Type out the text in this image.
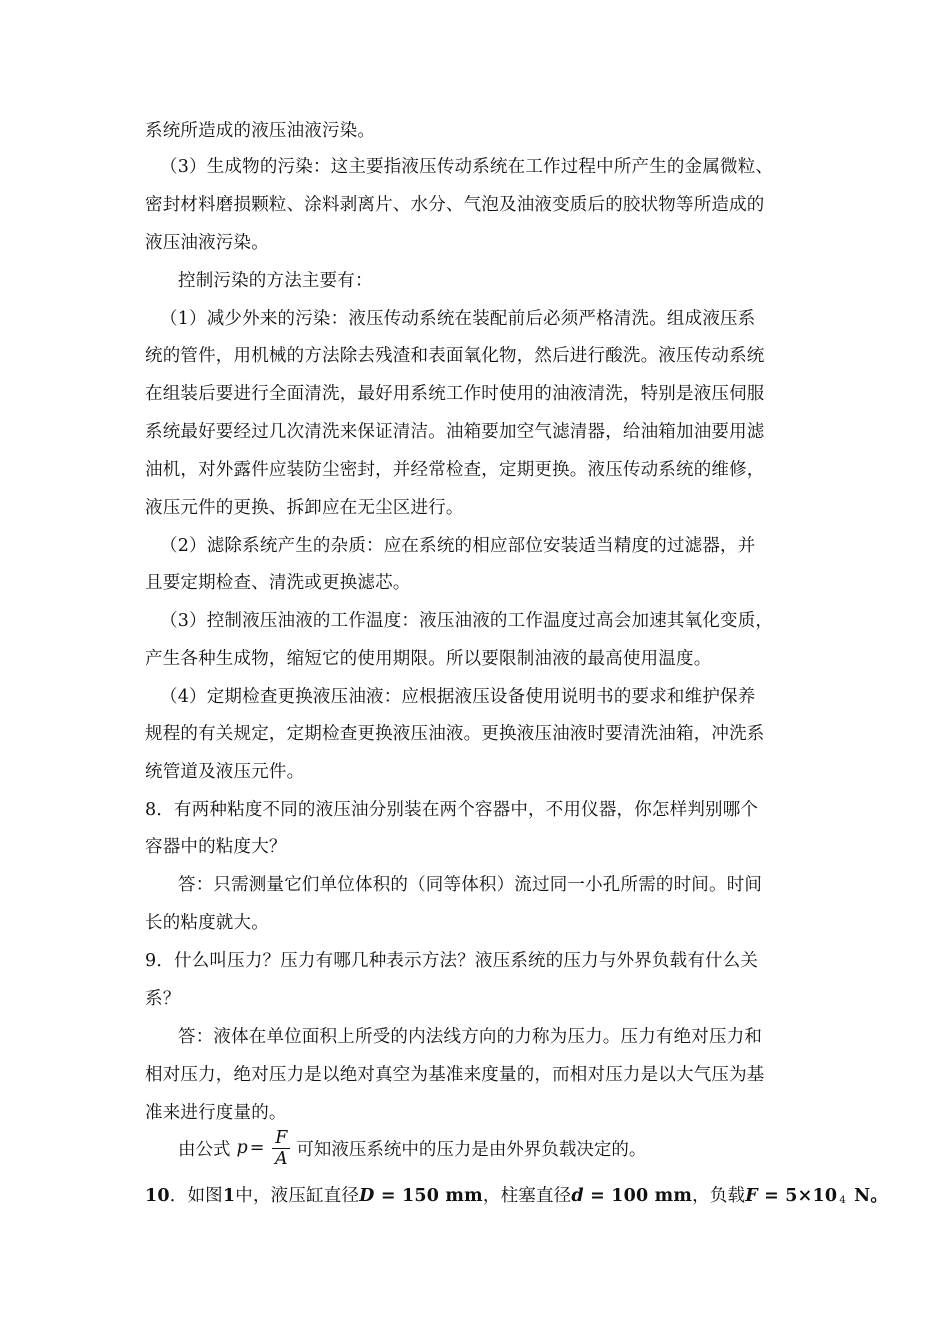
系统所造成的液压油液污染。
（3）生成物的污染：这主要指液压传动系统在工作过程中所产生的金属微粒、
密封材料磨损颗粒、涂料剥离片、水分、气泡及油液变质后的胶状物等所造成的
液压油液污染。
控制污染的方法主要有：
（1）减少外来的污染：液压传动系统在装配前后必须严格清洗。组成液压系
统的管件，用机械的方法除去残渣和表面氧化物，然后进行酸洗。液压传动系统
在组装后要进行全面清洗，最好用系统工作时使用的油液清洗，特别是液压伺服
系统最好要经过几次清洗来保证清洁。油箱要加空气滤清器，给油箱加油要用滤
油机，对外露件应装防尘密封，并经常检查，定期更换。液压传动系统的维修，
液压元件的更换、拆卸应在无尘区进行。
（2）滤除系统产生的杂质：应在系统的相应部位安装适当精度的过滤器，并
且要定期检查、清洗或更换滤芯。
（3）控制液压油液的工作温度：液压油液的工作温度过高会加速其氧化变质，
产生各种生成物，缩短它的使用期限。所以要限制油液的最高使用温度。
（4）定期检查更换液压油液：应根据液压设备使用说明书的要求和维护保养
规程的有关规定，定期检查更换液压油液。更换液压油液时要清洗油箱，冲洗系
统管道及液压元件。
8．有两种粘度不同的液压油分别装在两个容器中，不用仪器，你怎样判别哪个
容器中的粘度大？
答：只需测量它们单位体积的（同等体积）流过同一小孔所需的时间。时间
长的粘度就大。
9．什么叫压力？压力有哪几种表示方法？液压系统的压力与外界负载有什么关
系？
答：液体在单位面积上所受的内法线方向的力称为压力。压力有绝对压力和
相对压力，绝对压力是以绝对真空为基准来度量的，而相对压力是以大气压为基
准来进行度量的。
由公式 $p = \frac{F}{A}$ 可知液压系统中的压力是由外界负载决定的。
10．如图1中，液压缸直径D = 150 mm，柱塞直径d = 100 mm，负载F = 5×10 $^4$ N。
